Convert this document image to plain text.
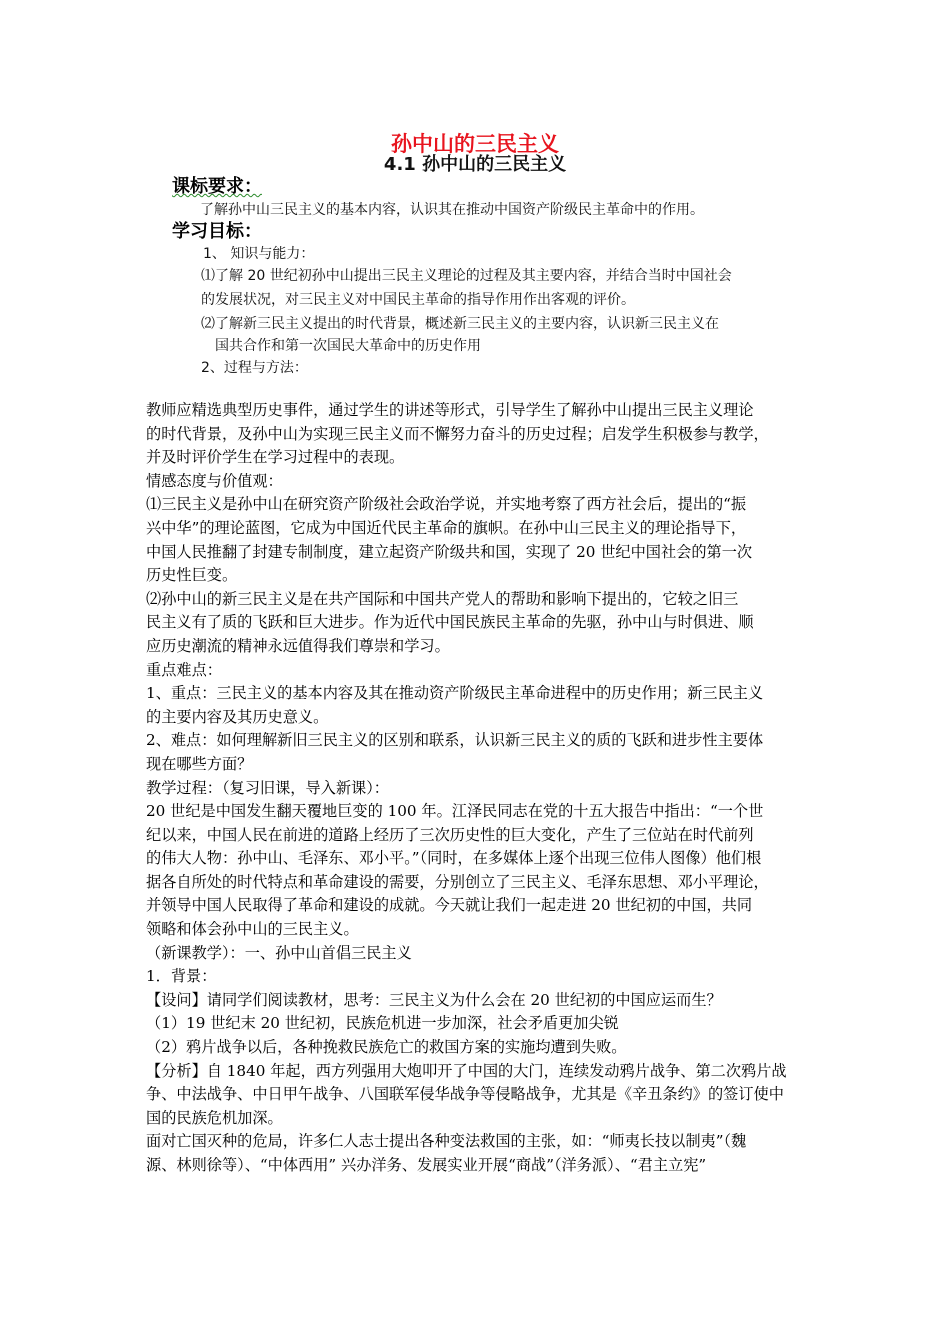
孙中山的三民主义
4.1 孙中山的三民主义
课标要求：
了解孙中山三民主义的基本内容，认识其在推动中国资产阶级民主革命中的作用。
学习目标：
1、 知识与能力：
⑴了解 20 世纪初孙中山提出三民主义理论的过程及其主要内容，并结合当时中国社会
的发展状况，对三民主义对中国民主革命的指导作用作出客观的评价。
⑵了解新三民主义提出的时代背景，概述新三民主义的主要内容，认识新三民主义在
国共合作和第一次国民大革命中的历史作用
2、过程与方法：

教师应精选典型历史事件，通过学生的讲述等形式，引导学生了解孙中山提出三民主义理论

的时代背景，及孙中山为实现三民主义而不懈努力奋斗的历史过程；启发学生积极参与教学，

并及时评价学生在学习过程中的表现。

情感态度与价值观：

⑴三民主义是孙中山在研究资产阶级社会政治学说，并实地考察了西方社会后，提出的“振

兴中华”的理论蓝图，它成为中国近代民主革命的旗帜。在孙中山三民主义的理论指导下，

中国人民推翻了封建专制制度，建立起资产阶级共和国，实现了 20 世纪中国社会的第一次

历史性巨变。

⑵孙中山的新三民主义是在共产国际和中国共产党人的帮助和影响下提出的，它较之旧三

民主义有了质的飞跃和巨大进步。作为近代中国民族民主革命的先驱，孙中山与时俱进、顺

应历史潮流的精神永远值得我们尊崇和学习。

重点难点：

1、重点：三民主义的基本内容及其在推动资产阶级民主革命进程中的历史作用；新三民主义

的主要内容及其历史意义。

2、难点：如何理解新旧三民主义的区别和联系，认识新三民主义的质的飞跃和进步性主要体

现在哪些方面？

教学过程：（复习旧课，导入新课）：

20 世纪是中国发生翻天覆地巨变的 100 年。江泽民同志在党的十五大报告中指出：“一个世

纪以来，中国人民在前进的道路上经历了三次历史性的巨大变化，产生了三位站在时代前列

的伟大人物：孙中山、毛泽东、邓小平。”（同时，在多媒体上逐个出现三位伟人图像）他们根

据各自所处的时代特点和革命建设的需要，分别创立了三民主义、毛泽东思想、邓小平理论，

并领导中国人民取得了革命和建设的成就。今天就让我们一起走进 20 世纪初的中国，共同

领略和体会孙中山的三民主义。

（新课教学）：一、孙中山首倡三民主义

1．背景：

【设问】请同学们阅读教材，思考：三民主义为什么会在 20 世纪初的中国应运而生？

（1）19 世纪末 20 世纪初，民族危机进一步加深，社会矛盾更加尖锐

（2）鸦片战争以后，各种挽救民族危亡的救国方案的实施均遭到失败。

【分析】自 1840 年起，西方列强用大炮叩开了中国的大门，连续发动鸦片战争、第二次鸦片战

争、中法战争、中日甲午战争、八国联军侵华战争等侵略战争，尤其是《辛丑条约》的签订使中

国的民族危机加深。

面对亡国灭种的危局，许多仁人志士提出各种变法救国的主张，如：“师夷长技以制夷”（魏

源、林则徐等）、“中体西用” 兴办洋务、发展实业开展“商战”（洋务派）、“君主立宪”
